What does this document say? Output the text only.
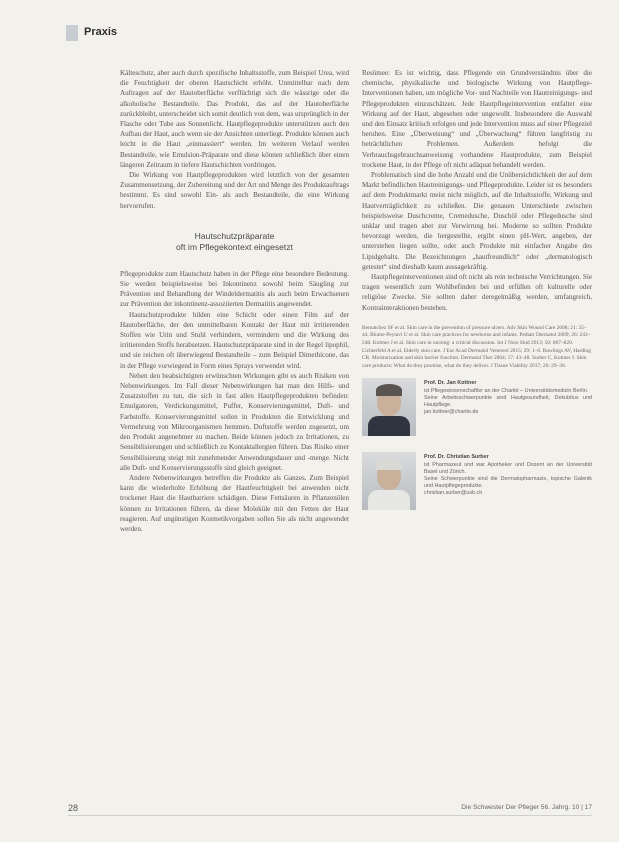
Praxis

Kälteschutz, aber auch durch spezifische Inhaltsstoffe, zum Beispiel Urea, wird die Feuchtigkeit der oberen Hautschicht erhöht. Unmittelbar nach dem Auftragen auf der Hautoberfläche verflüchtigt sich die wässrige oder die alkoholische Bestandteile. Das Produkt, das auf der Hautoberfläche zurückbleibt, unterscheidet sich somit deutlich von dem, was ursprünglich in der Flasche oder Tube aus Sonnenlicht. Hautpflegeprodukte unterstützen auch den Aufbau der Haut, auch wenn sie der Ansichten unterliegt. Produkte können auch leicht in die Haut „einmassiert“ werden. Im weiteren Verlauf werden Bestandteile, wie Emulsion-Präparate und diese können schließlich über einen längeren Zeitraum in tiefere Hautschichten vordringen.

Die Wirkung von Hautpflegeprodukten wird letztlich von der gesamten Zusammensetzung, der Zubereitung und der Art und Menge des Produktauftrags bestimmt. Es sind sowohl Ein- als auch Bestandteile, die eine Wirkung hervorrufen.

Hautschutzpräparate
oft im Pflegekontext eingesetzt

Pflegeprodukte zum Hautschutz haben in der Pflege eine besondere Bedeutung. Sie werden beispielsweise bei Inkontinenz sowohl beim Säugling zur Prävention und Behandlung der Windeldermatitis als auch beim Erwachsenen zur Prävention der inkontinenz-assoziierten Dermatitis angewendet.

Hautschutzprodukte bilden eine Schicht oder einen Film auf der Hautoberfläche, der den unmittelbaren Kontakt der Haut mit irritierenden Stoffen wie Urin und Stuhl verhindern, vermindern und die Wirkung des irritierenden Stoffs herabsetzen. Hautschutzpräparate sind in der Regel lipophil, und sie reichen oft überwiegend Bestandteile – zum Beispiel Dimethicone, das in der Pflege vorwiegend in Form eines Sprays verwendet wird.

Neben den beabsichtigten erwünschten Wirkungen gibt es auch Risiken von Nebenwirkungen. Im Fall dieser Nebenwirkungen hat man den Hilfs- und Zusatzstoffen zu tun, die sich in fast allen Hautpflegeprodukten befinden: Emulgatoren, Verdickungsmittel, Puffer, Konservierungsmittel, Duft- und Farbstoffe. Konservierungsmittel sollen in Produkten die Entwicklung und Vermehrung von Mikroorganismen hemmen. Duftstoffe werden zugesetzt, um den Produkt angenehmer zu machen. Beide können jedoch zu Irritationen, zu Sensibilisierungen und schließlich zu Kontaktallergien führen. Das Risiko einer Sensibilisierung steigt mit zunehmender Anwendungsdauer und -menge. Nicht alle Duft- und Konservierungsstoffe sind gleich geeignet.

Andere Nebenwirkungen betreffen die Produkte als Ganzes. Zum Beispiel kann die wiederholte Erhöhung der Hautfeuchtigkeit bei anwenden nicht trockener Haut die Hautbarriere schädigen. Diese Fettsäuren in Pflanzenölen können zu Irritationen führen, da diese Moleküle mit den Fetten der Haut reagieren. Auf ungünstigen Kosmetikvorgaben sollen Sie als nicht angewendet werden.

Resümee: Es ist wichtig, dass Pflegende ein Grundverständnis über die chemische, physikalische und biologische Wirkung von Hautpflege-Interventionen haben, um mögliche Vor- und Nachteile von Hautreinigungs- und Pflegeprodukten einzuschätzen. Jede Hautpflegeintervention entfaltet eine Wirkung auf der Haut, abgesehen oder ungewollt. Insbesondere die Auswahl und den Einsatz kritisch erfolgen und jede Intervention muss auf einer Pflegeziel beruhen. Eine „Überweisung“ und „Überwachung“ führen langfristig zu beträchtlichen Problemen. Außerdem befolgt die Verbrauchsgebrauchsanweisung vorhandene Hautprodukte, zum Beispiel trockene Haut, in der Pflege oft nicht adäquat behandelt werden.

Problematisch sind die hohe Anzahl und die Unübersichtlichkeit der auf dem Markt befindlichen Hautreinigungs- und Pflegeprodukte. Leider ist es besonders auf dem Produktmarkt meist nicht möglich, auf die Inhaltsstoffe, Wirkung und Hautverträglichkeit zu schließen. Die genauen Unterschiede zwischen beispielsweise Duschcreme, Cremedusche, Duschöl oder Pflegedusche sind unklar und tragen aber zur Verwirrung bei. Moderne so sollten Produkte bevorzugt werden, die hergestellte, ergibt einen pH-Wert, angeben, der unterstehen liegen sollte, oder auch Produkte mit einfacher Angabe des Lipidgehalts. Die Bezeichnungen „hautfreundlich“ oder „dermatologisch getestet“ sind dieshalb kaum aussagekräftig.

Hautpflegeinterventionen sind oft nicht als rein technische Verrichtungen. Sie tragen wesentlich zum Wohlbefinden bei und erfüllen oft kulturelle oder religiöse Zwecke. Sie sollten daher deregelmäßig werden, umfangreich, Kontrainteraktionen bestehen.

Bernatchez SF et al. Skin care in the prevention of pressure ulcers. Adv Skin Wound Care 2008; 21: 35–44. Blume-Peytavi U et al. Skin care practices for newborns and infants. Pediatr Dermatol 2009; 26: 243–248. Kottner J et al. Skin care in nursing: a critical discussion. Int J Nurs Stud 2013; 50: 807–820. Lichterfeld A et al. Elderly skin care. J Eur Acad Dermatol Venereol 2015; 29: 1–6. Rawlings AV, Harding CR. Moisturization and skin barrier function. Dermatol Ther 2004; 17: 43–48. Surber C, Kottner J. Skin care products: What do they promise, what do they deliver. J Tissue Viability 2017; 26: 29–36.
Prof. Dr. Jan Kottner
ist Pflegewissenschaftler an der Charité – Universitätsmedizin Berlin.
Seine Arbeitsschwerpunkte sind Hautgesundheit, Dekubitus und Hautpflege.
jan.kottner@charite.de
Prof. Dr. Christian Surber
ist Pharmazeut und war Apotheker und Dozent an der Universität Basel und Zürich.
Seine Schwerpunkte sind die Dermatopharmazie, topische Galenik und Hautpflegeprodukte.
christian.surber@usb.ch
28	Die Schwester Der Pfleger 56. Jahrg. 10 | 17
